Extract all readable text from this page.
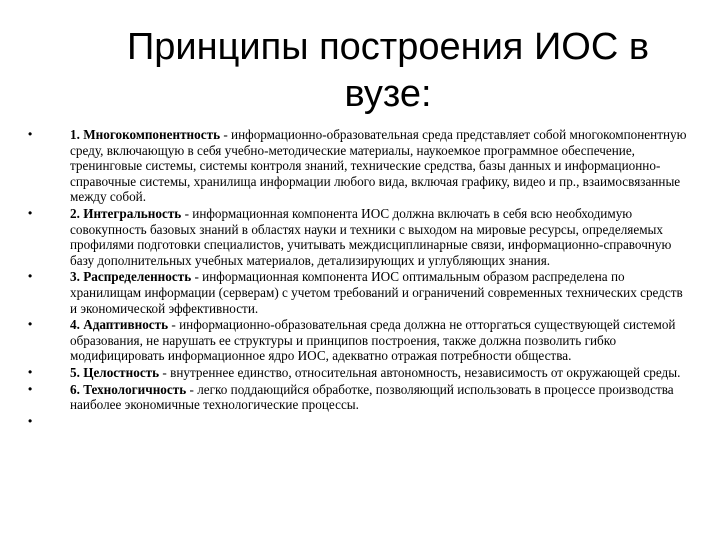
Принципы построения ИОС в
вузе:
•	1. Многокомпонентность - информационно-образовательная среда представляет собой многокомпонентную среду, включающую в себя учебно-методические материалы, наукоемкое программное обеспечение, тренинговые системы, системы контроля знаний, технические средства, базы данных и информационно-справочные системы, хранилища информации любого вида, включая графику, видео и пр., взаимосвязанные между собой.
•	2. Интегральность - информационная компонента ИОС должна включать в себя всю необходимую совокупность базовых знаний в областях науки и техники с выходом на мировые ресурсы, определяемых профилями подготовки специалистов, учитывать междисциплинарные связи, информационно-справочную базу дополнительных учебных материалов, детализирующих и углубляющих знания.
•	3. Распределенность - информационная компонента ИОС оптимальным образом распределена по хранилищам информации (серверам) с учетом требований и ограничений современных технических средств и экономической эффективности.
•	4. Адаптивность - информационно-образовательная среда должна не отторгаться существующей системой образования, не нарушать ее структуры и принципов построения, также должна позволить гибко модифицировать информационное ядро ИОС, адекватно отражая потребности общества.
•	5. Целостность - внутреннее единство, относительная автономность, независимость от окружающей среды.
•	6. Технологичность - легко поддающийся обработке, позволяющий использовать в процессе производства наиболее экономичные технологические процессы.
•
